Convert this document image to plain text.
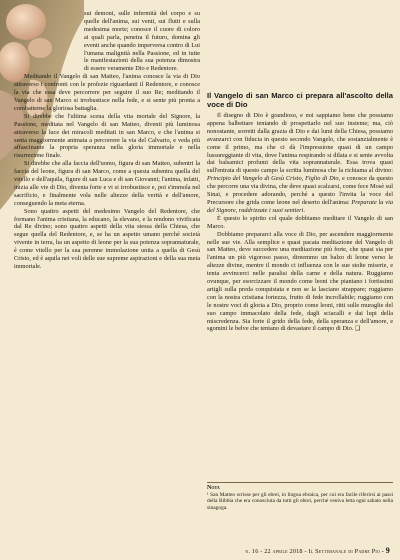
sui demoni, sulle infermità del corpo e su quelle dell'anima, sui venti, sui flutti e sulla medesima morte; conosce il cuore di coloro ai quali parla, penetra il futuro, domina gli eventi anche quando imperversa contro di Lui l'umana malignità nella Passione, ed in tutte le manifestazioni della sua potenza dimostra di essere veramente Dio e Redentore.

Meditando il Vangelo di san Matteo, l'anima conosce la via di Dio attraverso i confronti con le profezie riguardanti il Redentore, e conosce la via che essa deve percorrere per seguire il suo Re; meditando il Vangelo di san Marco si irrobustisce nella fede, e si sente più pronta a combatterne la gloriosa battaglia.

Si direbbe che l'ultima scena della vita mortale del Signore, la Passione, meditata nel Vangelo di san Matteo, diventi più luminosa attraverso la luce dei miracoli meditati in san Marco, e che l'anima si senta maggiormente animata a percorrere la via del Calvario, e veda più affascinante la propria speranza nella gloria immortale e nella risurrezione finale.

Si direbbe che alla faccia dell'uomo, figura di san Matteo, subentri la faccia del leone, figura di san Marco, come a questa subentra quella del vitello e dell'aquila, figure di san Luca e di san Giovanni; l'anima, infatti, inizia alle vie di Dio, diventa forte e vi si irrobustisce e, poi s'immola nel sacrificio, e finalmente vola nelle altezze della verità e dell'amore, conseguendo la meta eterna.

Sono quattro aspetti del medesimo Vangelo del Redentore, che formano l'anima cristiana, la educano, la elevano, e la rendono vivificata dal Re divino; sono quattro aspetti della vita stessa della Chiesa, che segue quella del Redentore, e, se ha un aspetto umano perché società vivente in terra, ha un aspetto di leone per la sua potenza soprannaturale, è come vitello per la sua perenne immolazione unita a quella di Gesù Cristo, ed è aquila nei voli delle sue supreme aspirazioni e della sua meta immortale.

Il Vangelo di san Marco ci prepara all'ascolto della voce di Dio

Il disegno di Dio è grandioso, e noi sappiamo bene che possiamo appena balbettare tentando di prospettarlo nel suo insieme; ma, ciò nonostante, sorretti dalla grazia di Dio e dai lumi della Chiesa, possiamo avanzarci con fiducia in questo secondo Vangelo, che sostanzialmente è come il primo, ma che ci dà l'impressione quasi di un campo lussureggiante di vita, dove l'anima respirando si dilata e si sente avvolta dai balsamici profumi della vita soprannaturale. Essa trova quasi sull'entrata di questo campo la scritta luminosa che la richiama al divino: Principio del Vangelo di Gesù Cristo, Figlio di Dio, e conosce da questo che percorre una via divina, che deve quasi scalzarsi, come fece Mosè sul Sinai, e procedere adorando, perché a questo l'invita la voce del Precursore che grida come leone nel deserto dell'anima: Preparate la via del Signore, raddrizzate i suoi sentieri.

È questo lo spirito col quale dobbiamo meditare il Vangelo di san Marco.

Dobbiamo prepararci alla voce di Dio, per ascendere maggiormente nelle sue vie. Alla semplice e quasi pacata meditazione del Vangelo di san Matteo, deve succedere una meditazione più forte, che quasi sia per l'anima un più vigoroso passo, direemmo un balzo di leone verso le altezze divine, mentre il mondo ci influenza con le sue stolte miserie, e tenta avvincerci nelle paralisi della carne e della natura. Ruggiamo ovunque, per esorcizzare il mondo come leoni che piantano i fortissimi artigli sulla preda conquistata e non se la lasciano strappare; ruggiamo con la nostra cristiana fortezza, frutto di fede incrollabile; ruggiamo con le nostre voci di gloria a Dio, proprio come leoni, ritti sulle muraglie del suo campo immacolato della fede, dagli sciacalli e dai lupi della miscredenza. Sia forte il grido della fede, della speranza e dell'amore, e sgomini le belve che tentano di devastare il campo di Dio. ❑

Nota
¹ San Matteo scrisse per gli ebrei, in lingua ebraica, per cui era facile riferirsi ai passi della Bibbia che era conosciuta da tutti gli ebrei, perché veniva letta ogni sabato nella sinagoga.
n. 16 - 22 aprile 2018 - Il Settimanale di Padre Pio - 9
